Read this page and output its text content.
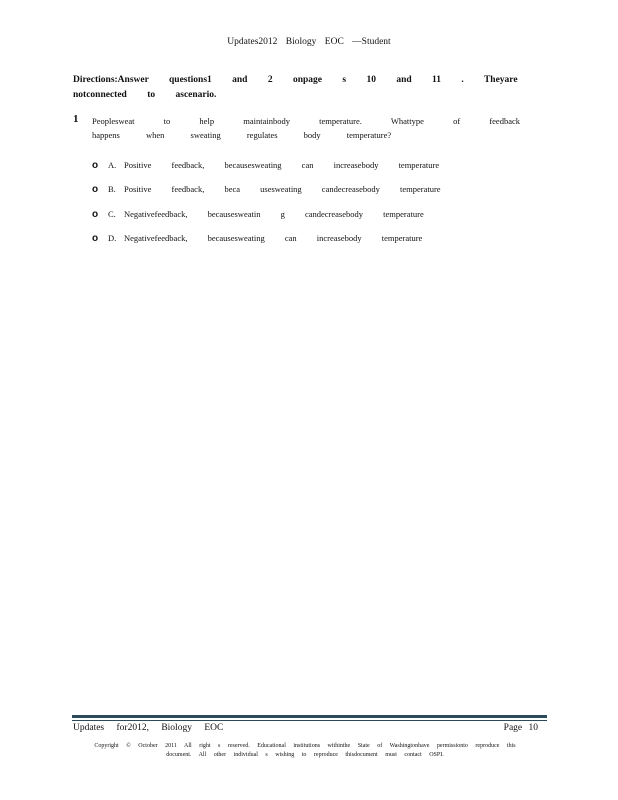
Updates2012 Biology EOC —Student
Directions:Answer questions1 and 2 onpage s 10 and 11 . Theyare notconnected to ascenario.
1 Peoplesweat to help maintainbody temperature. Whattype of feedback happens when sweating regulates body temperature?
o	A. Positive feedback, becausesweating can increasebody temperature
o	B. Positive feedback, beca usesweating candecreasebody temperature
o	C. Negativefeedback, becausesweatin g candecreasebody temperature
o	D. Negativefeedback, becausesweating can increasebody temperature
Updates for2012, Biology EOC	Page 10
Copyright © October 2011 All right s reserved. Educational institutions withinthe State of Washingtonhave permissionto reproduce this document. All other individual s wishing to reproduce thisdocument must contact OSPI.
